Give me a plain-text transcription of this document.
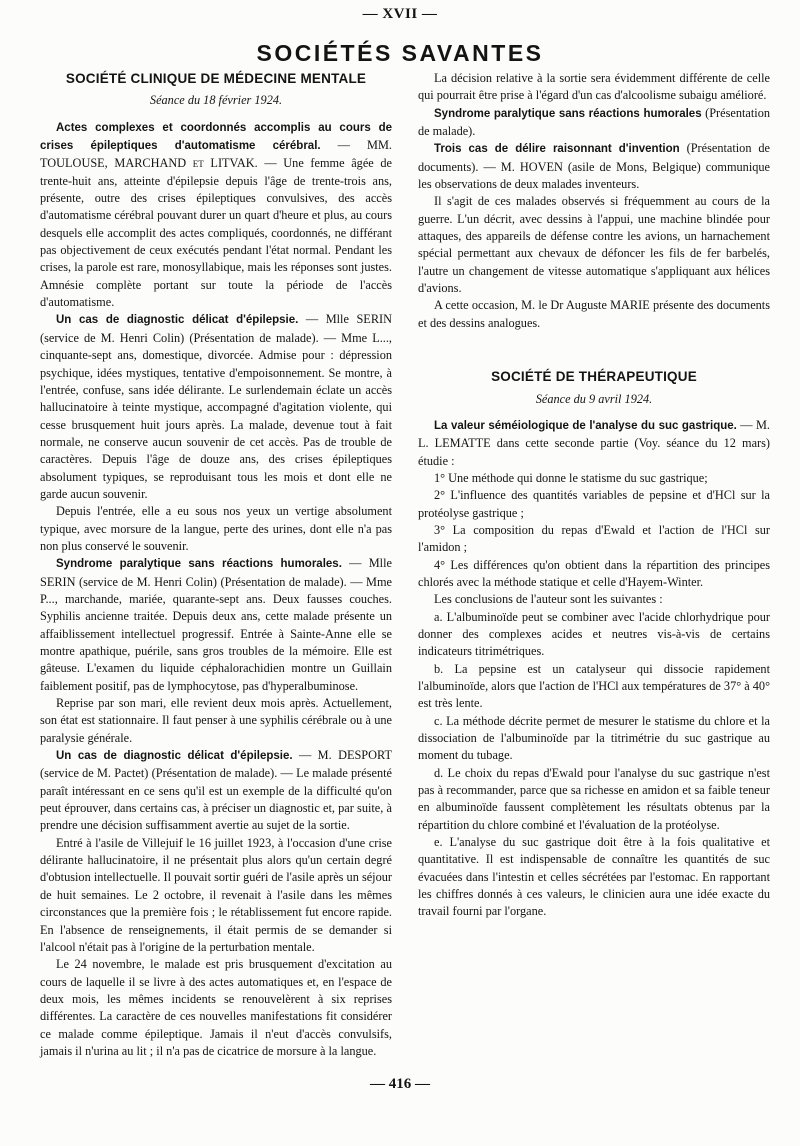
— XVII —
SOCIÉTÉS SAVANTES

SOCIÉTÉ CLINIQUE DE MÉDECINE MENTALE

Séance du 18 février 1924.

Actes complexes et coordonnés accomplis au cours de crises épileptiques d'automatisme cérébral. — MM. TOULOUSE, MARCHAND et LITVAK. — Une femme âgée de trente-huit ans, atteinte d'épilepsie depuis l'âge de trente-trois ans, présente, outre des crises épileptiques convulsives, des accès d'automatisme cérébral pouvant durer un quart d'heure et plus, au cours desquels elle accomplit des actes compliqués, coordonnés, ne différant pas objectivement de ceux exécutés pendant l'état normal. Pendant les crises, la parole est rare, monosyllabique, mais les réponses sont justes. Amnésie complète portant sur toute la période de l'accès d'automatisme.

Un cas de diagnostic délicat d'épilepsie. — Mlle SERIN (service de M. Henri Colin) (Présentation de malade). — Mme L..., cinquante-sept ans, domestique, divorcée. Admise pour : dépression psychique, idées mystiques, tentative d'empoisonnement. Se montre, à l'entrée, confuse, sans idée délirante. Le surlendemain éclate un accès hallucinatoire à teinte mystique, accompagné d'agitation violente, qui cesse brusquement huit jours après. La malade, devenue tout à fait normale, ne conserve aucun souvenir de cet accès. Pas de trouble de caractères. Depuis l'âge de douze ans, des crises épileptiques absolument typiques, se reproduisant tous les mois et dont elle ne garde aucun souvenir.

Depuis l'entrée, elle a eu sous nos yeux un vertige absolument typique, avec morsure de la langue, perte des urines, dont elle n'a pas non plus conservé le souvenir.

Syndrome paralytique sans réactions humorales. — Mlle SERIN (service de M. Henri Colin) (Présentation de malade). — Mme P..., marchande, mariée, quarante-sept ans. Deux fausses couches. Syphilis ancienne traitée. Depuis deux ans, cette malade présente un affaiblissement intellectuel progressif. Entrée à Sainte-Anne elle se montre apathique, puérile, sans gros troubles de la mémoire. Elle est gâteuse. L'examen du liquide céphalorachidien montre un Guillain faiblement positif, pas de lymphocytose, pas d'hyperalbuminose.

Reprise par son mari, elle revient deux mois après. Actuellement, son état est stationnaire. Il faut penser à une syphilis cérébrale ou à une paralysie générale.

Un cas de diagnostic délicat d'épilepsie. — M. DESPORT (service de M. Pactet) (Présentation de malade). — Le malade présenté paraît intéressant en ce sens qu'il est un exemple de la difficulté qu'on peut éprouver, dans certains cas, à préciser un diagnostic et, par suite, à prendre une décision suffisamment avertie au sujet de la sortie.

Entré à l'asile de Villejuif le 16 juillet 1923, à l'occasion d'une crise délirante hallucinatoire, il ne présentait plus alors qu'un certain degré d'obtusion intellectuelle. Il pouvait sortir guéri de l'asile après un séjour de huit semaines. Le 2 octobre, il revenait à l'asile dans les mêmes circonstances que la première fois ; le rétablissement fut encore rapide. En l'absence de renseignements, il était permis de se demander si l'alcool n'était pas à l'origine de la perturbation mentale.

Le 24 novembre, le malade est pris brusquement d'excitation au cours de laquelle il se livre à des actes automatiques et, en l'espace de deux mois, les mêmes incidents se renouvelèrent à six reprises différentes. La caractère de ces nouvelles manifestations fit considérer ce malade comme épileptique. Jamais il n'eut d'accès convulsifs, jamais il n'urina au lit ; il n'a pas de cicatrice de morsure à la langue.

La décision relative à la sortie sera évidemment différente de celle qui pourrait être prise à l'égard d'un cas d'alcoolisme subaigu amélioré.

Syndrome paralytique sans réactions humorales (Présentation de malade).

Trois cas de délire raisonnant d'invention (Présentation de documents). — M. HOVEN (asile de Mons, Belgique) communique les observations de deux malades inventeurs.

Il s'agit de ces malades observés si fréquemment au cours de la guerre. L'un décrit, avec dessins à l'appui, une machine blindée pour attaques, des appareils de défense contre les avions, un harnachement spécial permettant aux chevaux de défoncer les fils de fer barbelés, l'autre un changement de vitesse automatique s'appliquant aux hélices d'avions.

A cette occasion, M. le Dr Auguste MARIE présente des documents et des dessins analogues.

SOCIÉTÉ DE THÉRAPEUTIQUE

Séance du 9 avril 1924.

La valeur séméiologique de l'analyse du suc gastrique. — M. L. LEMATTE dans cette seconde partie (Voy. séance du 12 mars) étudie :

1° Une méthode qui donne le statisme du suc gastrique;

2° L'influence des quantités variables de pepsine et d'HCl sur la protéolyse gastrique ;

3° La composition du repas d'Ewald et l'action de l'HCl sur l'amidon ;

4° Les différences qu'on obtient dans la répartition des principes chlorés avec la méthode statique et celle d'Hayem-Winter.

Les conclusions de l'auteur sont les suivantes :

a. L'albuminoïde peut se combiner avec l'acide chlorhydrique pour donner des complexes acides et neutres vis-à-vis de certains indicateurs titrimétriques.

b. La pepsine est un catalyseur qui dissocie rapidement l'albuminoïde, alors que l'action de l'HCl aux températures de 37° à 40° est très lente.

c. La méthode décrite permet de mesurer le statisme du chlore et la dissociation de l'albuminoïde par la titrimétrie du suc gastrique au moment du tubage.

d. Le choix du repas d'Ewald pour l'analyse du suc gastrique n'est pas à recommander, parce que sa richesse en amidon et sa faible teneur en albuminoïde faussent complètement les résultats obtenus par la répartition du chlore combiné et l'évaluation de la protéolyse.

e. L'analyse du suc gastrique doit être à la fois qualitative et quantitative. Il est indispensable de connaître les quantités de suc évacuées dans l'intestin et celles sécrétées par l'estomac. En rapportant les chiffres donnés à ces valeurs, le clinicien aura une idée exacte du travail fourni par l'organe.

— 416 —
